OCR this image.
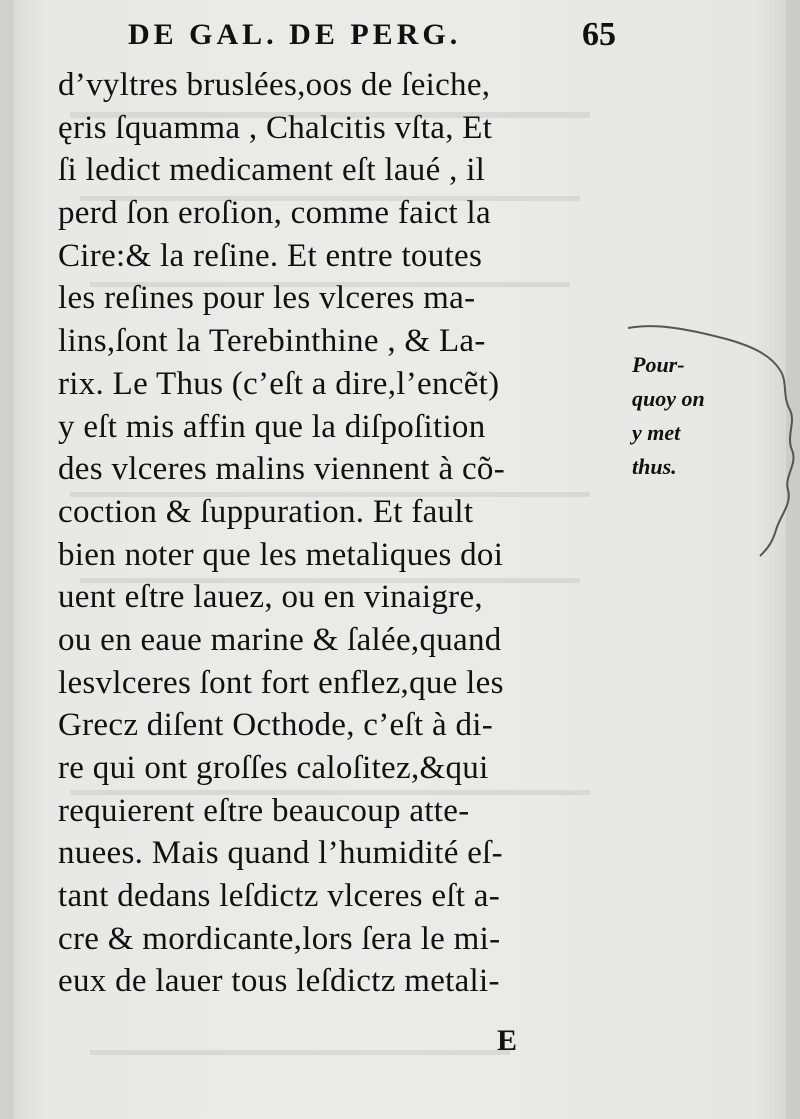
DE GAL. DE PERG.	65
d’vyltres bruslées,oos de ſeiche,
ęris ſquamma , Chalcitis vſta, Et
ſi ledict medicament eſt laué , il
perd ſon eroſion, comme faict la
Cire:& la reſine. Et entre toutes
les reſines pour les vlceres ma-
lins,ſont la Terebinthine , & La-
rix. Le Thus (c’eſt a dire,l’encẽt)
y eſt mis affin que la diſpoſition
des vlceres malins viennent à cõ-
coction & ſuppuration. Et fault
bien noter que les metaliques doi
uent eſtre lauez, ou en vinaigre,
ou en eaue marine & ſalée,quand
lesvlceres ſont fort enflez,que les
Grecz diſent Octhode, c’eſt à di-
re qui ont groſſes caloſitez,&qui
requierent eſtre beaucoup atte-
nuees. Mais quand l’humidité eſ-
tant dedans leſdictz vlceres eſt a-
cre & mordicante,lors ſera le mi-
eux de lauer tous leſdictz metali-
Pour-
quoy on
y met
thus.
E
